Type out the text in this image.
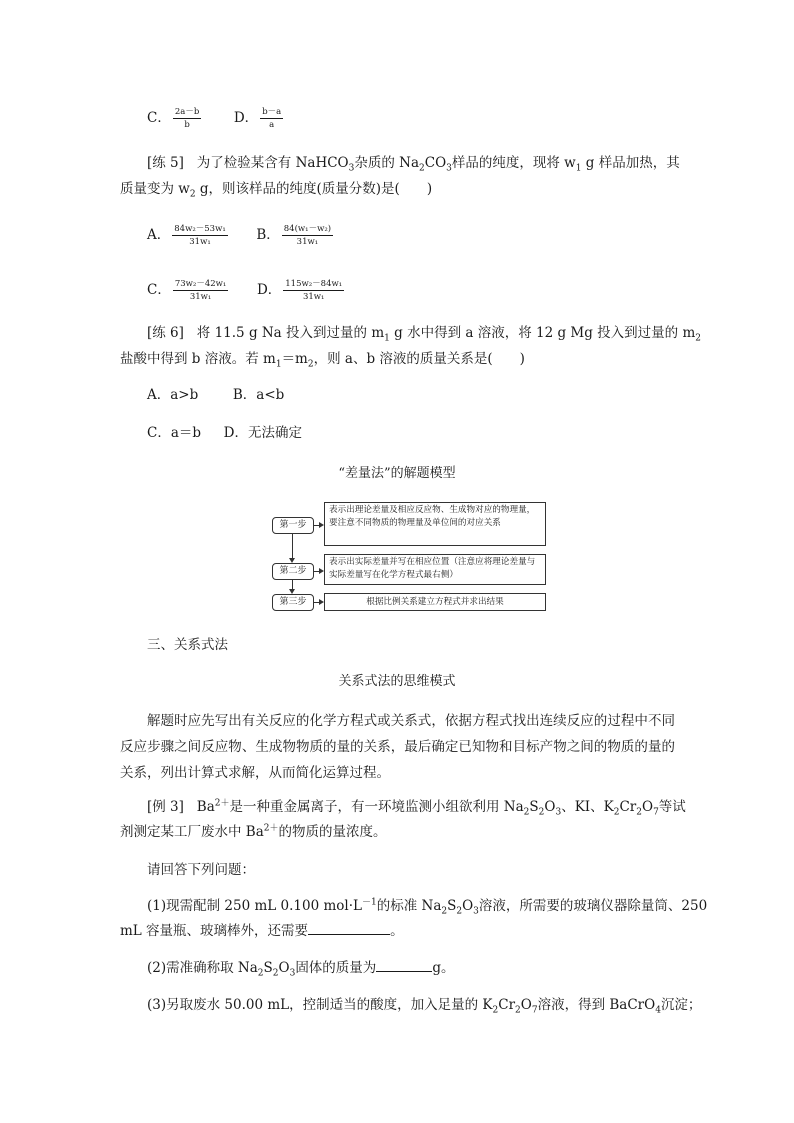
C． $\frac{2a-b}{b}$ D． $\frac{b-a}{a}$
[练 5] 为了检验某含有 NaHCO$_3$杂质的 $Na_2CO_3$样品的纯度，现将 $w_1$ g 样品加热，其
质量变为 $w_2$ g，则该样品的纯度(质量分数)是(　　)
A． $\frac{\text{84w₂－53w₁}}{\text{31w₁}}$ B． $\frac{\text{84(w₁－w₂)}}{\text{31w₁}}$
C． $\frac{\text{73w₂－42w₁}}{\text{31w₁}}$ D． $\frac{\text{115w₂－84w₁}}{\text{31w₁}}$
[练 6] 将 11.5 g Na 投入到过量的 $m_1$ g 水中得到 a 溶液，将 12 g Mg 投入到过量的 $m_2$
盐酸中得到 b 溶液。若 $m_1=m_2$，则 a、b 溶液的质量关系是(　　)
A．a>b	B．a<b
C．a＝b D．无法确定
“差量法”的解题模型
第一步
表示出理论差量及相应反应物、生成物对应的物理量，要注意不同物质的物理量及单位间的对应关系
第二步
表示出实际差量并写在相应位置（注意应将理论差量与实际差量写在化学方程式最右侧）
第三步	根据比例关系建立方程式并求出结果
三、关系式法
关系式法的思维模式
解题时应先写出有关反应的化学方程式或关系式，依据方程式找出连续反应的过程中不同反应步骤之间反应物、生成物物质的量的关系，最后确定已知物和目标产物之间的物质的量的关系，列出计算式求解，从而简化运算过程。
[例 3] $Ba^{2+}$是一种重金属离子，有一环境监测小组欲利用 $Na_2S_2O_3$、KI、$K_2Cr_2O_7$等试
剂测定某工厂废水中 $Ba^{2+}$的物质的量浓度。
请回答下列问题：
(1)现需配制 250 mL 0.100 $mol\cdot L^{-1}$的标准 $Na_2S_2O_3$溶液，所需要的玻璃仪器除量筒、250
mL 容量瓶、玻璃棒外，还需要	。
(2)需准确称取 $Na_2S_2O_3$固体的质量为	g。
(3)另取废水 50.00 mL，控制适当的酸度，加入足量的 $K_2Cr_2O_7$溶液，得到 BaCrO$_4$沉淀；
